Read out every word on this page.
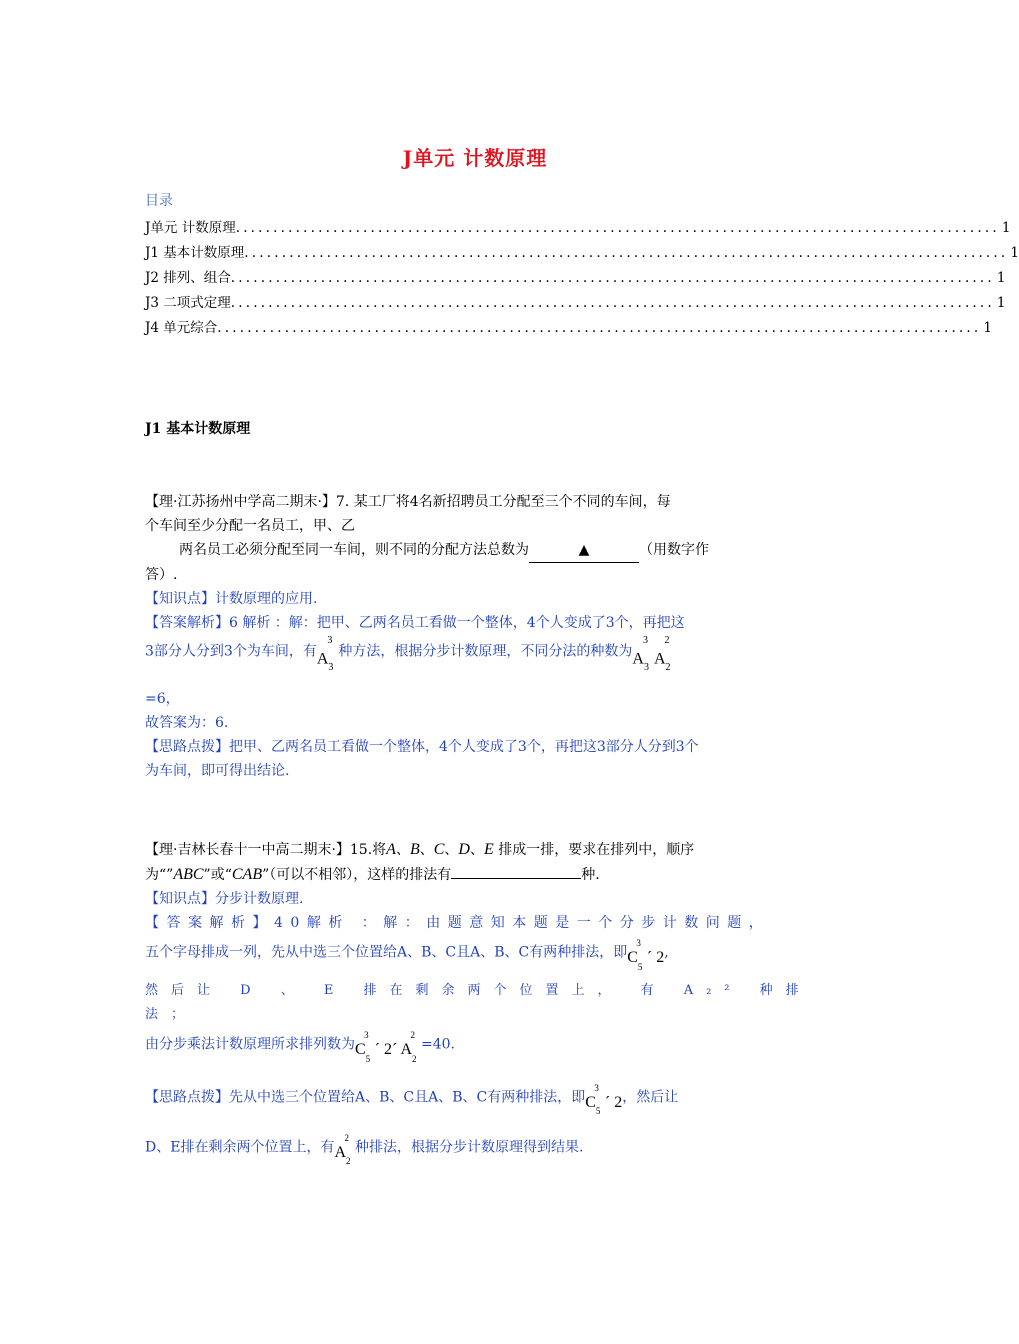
J单元 计数原理
目录
J单元 计数原理 ...................................................................................................... 1
J1 基本计数原理 ...................................................................................................... 1
J2 排列、组合 ...................................................................................................... 1
J3 二项式定理 ...................................................................................................... 1
J4 单元综合 ...................................................................................................... 1
J1 基本计数原理
【理·江苏扬州中学高二期末·】7. 某工厂将4名新招聘员工分配至三个不同的车间，每
个车间至少分配一名员工，甲、乙
两名员工必须分配至同一车间，则不同的分配方法总数为	▲	（用数字作
答）.
【知识点】计数原理的应用.
【答案解析】6 解析 ：解：把甲、乙两名员工看做一个整体，4个人变成了3个，再把这
3部分人分到3个为车间，有$A_3^3$种方法，根据分步计数原理，不同分法的种数为$A_3^3A_2^2$
=6，
故答案为：6.
【思路点拨】把甲、乙两名员工看做一个整体，4个人变成了3个，再把这3部分人分到3个
为车间，即可得出结论.
【理·吉林长春十一中高二期末·】15.将A、B、C、D、E 排成一排，要求在排列中，顺序
为“”ABC”或“CAB”（可以不相邻），这样的排法有	种.
【知识点】分步计数原理.
【答案解析】40解析 ：解：由题意知本题是一个分步计数问题，
五个字母排成一列，先从中选三个位置给A、B、C且A、B、C有两种排法，即$C_5^3´$ 2,
然后让 D 、 E 排在剩余两个位置上， 有 A₂² 种排法；
由分步乘法计数原理所求排列数为$C_5^3´$ 2´ $A_2^2=40$.
【思路点拨】先从中选三个位置给A、B、C且A、B、C有两种排法，即$C_5^3´$ 2，然后让
D、E排在剩余两个位置上，有$A_2^2$种排法，根据分步计数原理得到结果.
